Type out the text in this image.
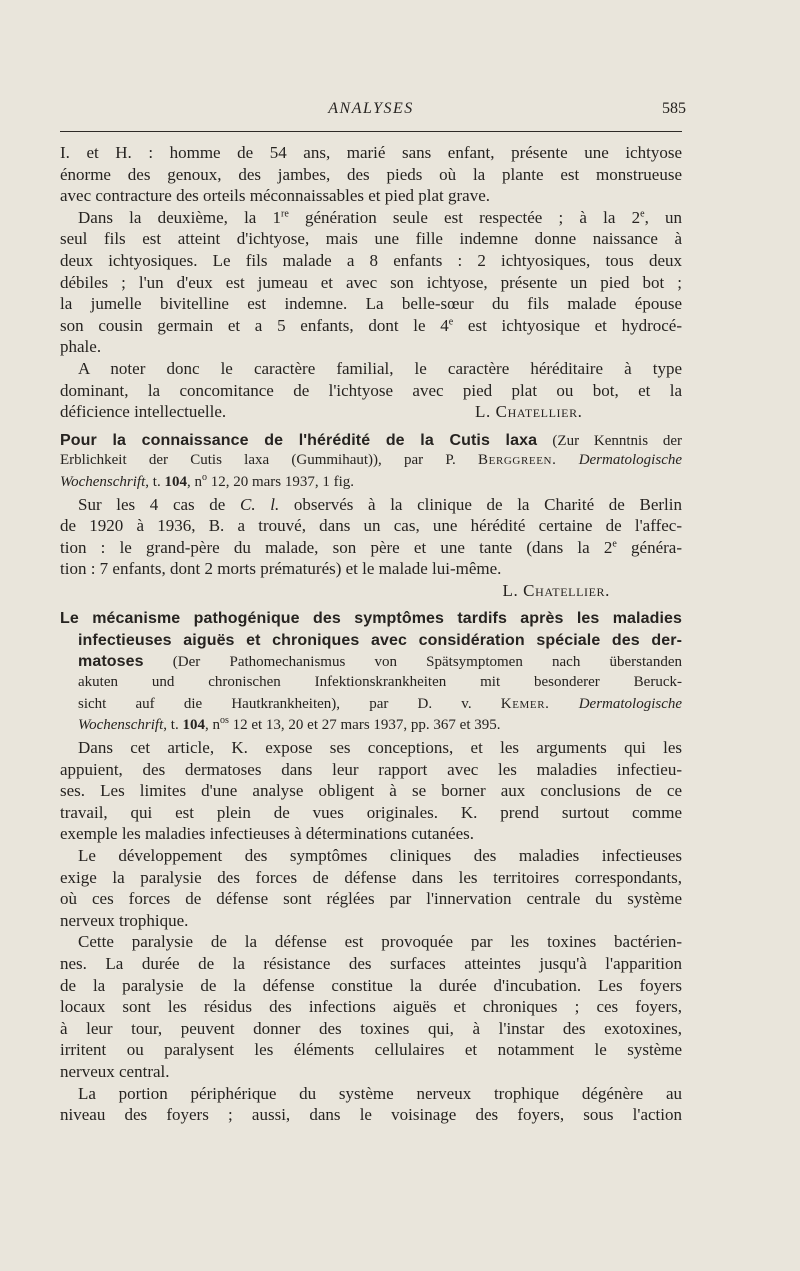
ANALYSES	585
I. et H. : homme de 54 ans, marié sans enfant, présente une ichtyose
énorme des genoux, des jambes, des pieds où la plante est monstrueuse
avec contracture des orteils méconnaissables et pied plat grave.
Dans la deuxième, la 1re génération seule est respectée ; à la 2e, un
seul fils est atteint d'ichtyose, mais une fille indemne donne naissance à
deux ichtyosiques. Le fils malade a 8 enfants : 2 ichtyosiques, tous deux
débiles ; l'un d'eux est jumeau et avec son ichtyose, présente un pied bot ;
la jumelle bivitelline est indemne. La belle-sœur du fils malade épouse
son cousin germain et a 5 enfants, dont le 4e est ichtyosique et hydrocé-
phale.
A noter donc le caractère familial, le caractère héréditaire à type
dominant, la concomitance de l'ichtyose avec pied plat ou bot, et la
déficience intellectuelle.	L. Chatellier.
Pour la connaissance de l'hérédité de la Cutis laxa (Zur Kenntnis der
Erblichkeit der Cutis laxa (Gummihaut)), par P. Berggreen. Dermatologische
Wochenschrift, t. 104, $n^o$ 12, 20 mars 1937, 1 fig.
Sur les 4 cas de C. l. observés à la clinique de la Charité de Berlin
de 1920 à 1936, B. a trouvé, dans un cas, une hérédité certaine de l'affec-
tion : le grand-père du malade, son père et une tante (dans la 2e généra-
tion : 7 enfants, dont 2 morts prématurés) et le malade lui-même.
L. Chatellier.
Le mécanisme pathogénique des symptômes tardifs après les maladies
infectieuses aiguës et chroniques avec considération spéciale des der-
matoses (Der Pathomechanismus von Spätsymptomen nach überstanden
akuten und chronischen Infektionskrankheiten mit besonderer Beruck-
sicht auf die Hautkrankheiten), par D. v. Kemer. Dermatologische
Wochenschrift, t. 104, $n^{os}$ 12 et 13, 20 et 27 mars 1937, pp. 367 et 395.
Dans cet article, K. expose ses conceptions, et les arguments qui les
appuient, des dermatoses dans leur rapport avec les maladies infectieu-
ses. Les limites d'une analyse obligent à se borner aux conclusions de ce
travail, qui est plein de vues originales. K. prend surtout comme
exemple les maladies infectieuses à déterminations cutanées.
Le développement des symptômes cliniques des maladies infectieuses
exige la paralysie des forces de défense dans les territoires correspondants,
où ces forces de défense sont réglées par l'innervation centrale du système
nerveux trophique.
Cette paralysie de la défense est provoquée par les toxines bactérien-
nes. La durée de la résistance des surfaces atteintes jusqu'à l'apparition
de la paralysie de la défense constitue la durée d'incubation. Les foyers
locaux sont les résidus des infections aiguës et chroniques ; ces foyers,
à leur tour, peuvent donner des toxines qui, à l'instar des exotoxines,
irritent ou paralysent les éléments cellulaires et notamment le système
nerveux central.
La portion périphérique du système nerveux trophique dégénère au
niveau des foyers ; aussi, dans le voisinage des foyers, sous l'action
